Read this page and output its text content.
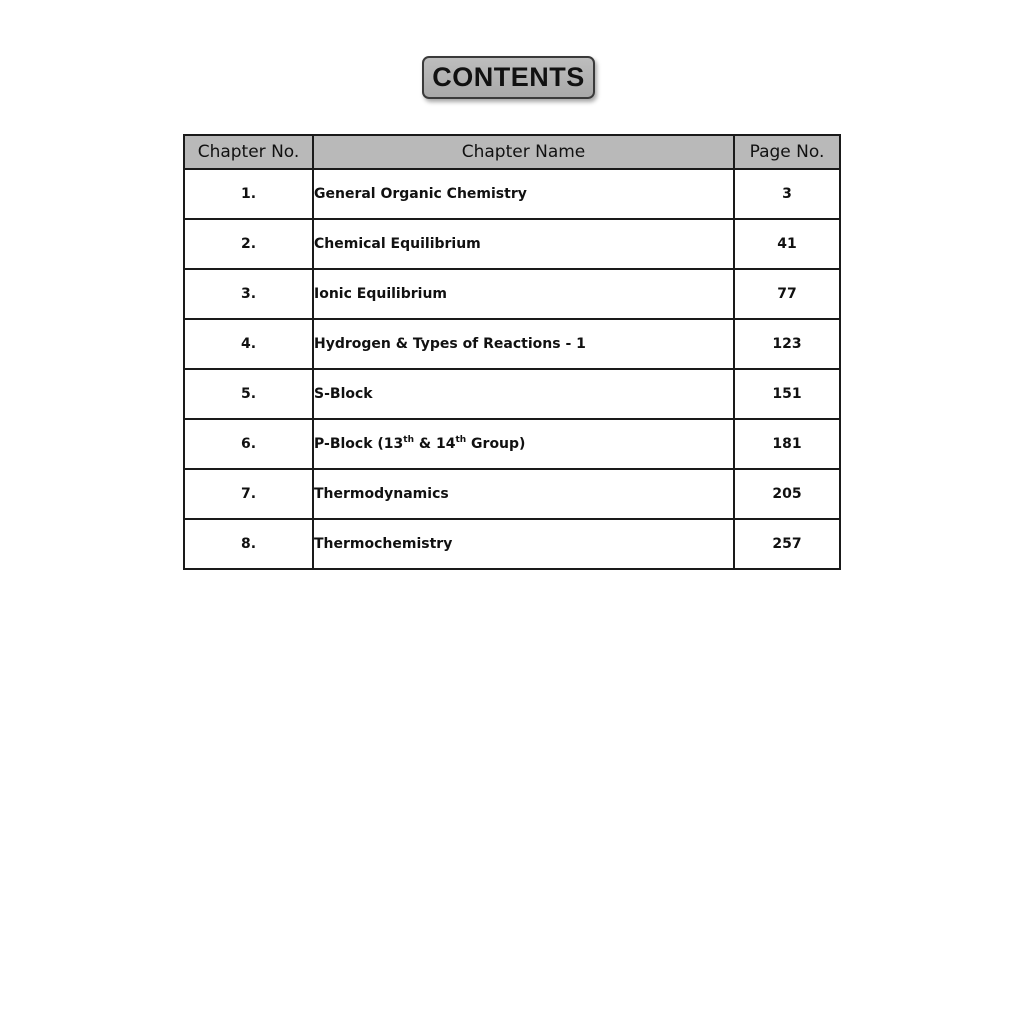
CONTENTS
Chapter No.	Chapter Name	Page No.
1.	General Organic Chemistry	3
2.	Chemical Equilibrium	41
3.	Ionic Equilibrium	77
4.	Hydrogen & Types of Reactions - 1	123
5.	S-Block	151
6.	P-Block (13th & 14th Group)	181
7.	Thermodynamics	205
8.	Thermochemistry	257
